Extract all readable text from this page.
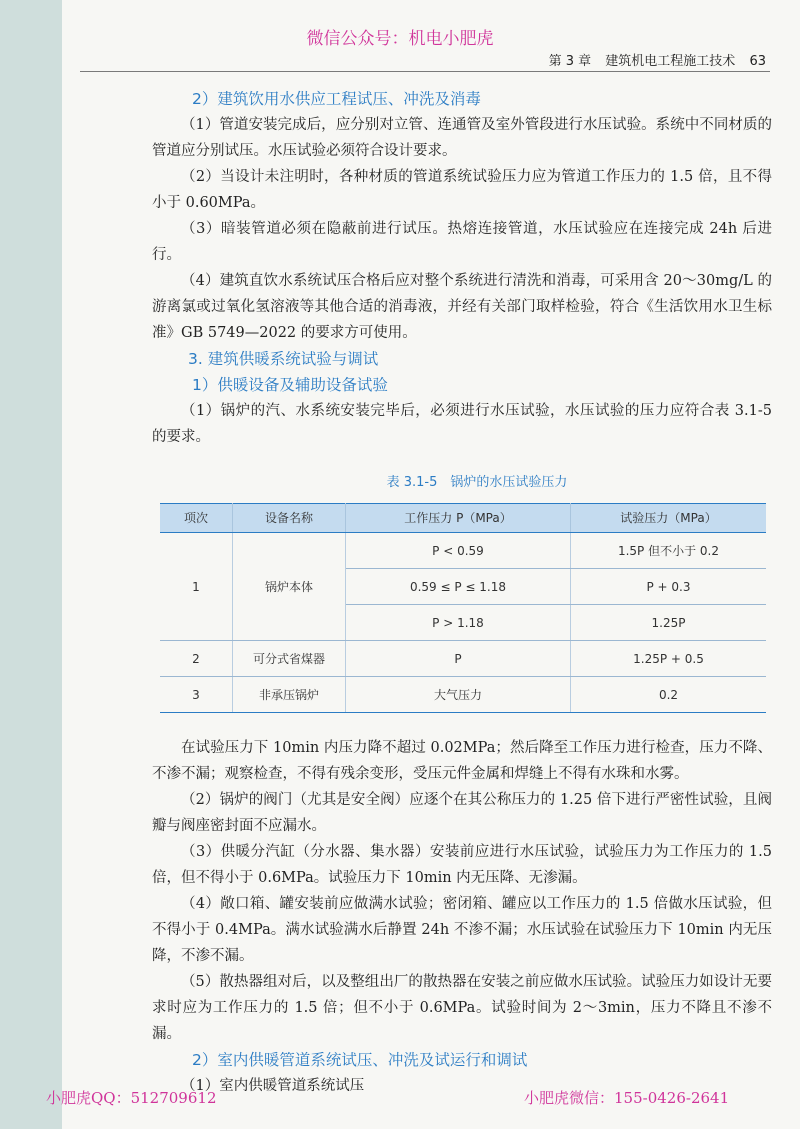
微信公众号：机电小肥虎
第 3 章 建筑机电工程施工技术 63
2）建筑饮用水供应工程试压、冲洗及消毒

（1）管道安装完成后，应分别对立管、连通管及室外管段进行水压试验。系统中不同材质的管道应分别试压。水压试验必须符合设计要求。

（2）当设计未注明时，各种材质的管道系统试验压力应为管道工作压力的 1.5 倍，且不得小于 0.60MPa。

（3）暗装管道必须在隐蔽前进行试压。热熔连接管道，水压试验应在连接完成 24h 后进行。

（4）建筑直饮水系统试压合格后应对整个系统进行清洗和消毒，可采用含 20～30mg/L 的游离氯或过氧化氢溶液等其他合适的消毒液，并经有关部门取样检验，符合《生活饮用水卫生标准》GB 5749—2022 的要求方可使用。

3. 建筑供暖系统试验与调试
1）供暖设备及辅助设备试验

（1）锅炉的汽、水系统安装完毕后，必须进行水压试验，水压试验的压力应符合表 3.1-5 的要求。

表 3.1-5　锅炉的水压试验压力
项次	设备名称	工作压力 P（MPa）	试验压力（MPa）
1	锅炉本体	P < 0.59	1.5P 但不小于 0.2
		0.59 ≤ P ≤ 1.18	P + 0.3
		P > 1.18	1.25P
2	可分式省煤器	P	1.25P + 0.5
3	非承压锅炉	大气压力	0.2

在试验压力下 10min 内压力降不超过 0.02MPa；然后降至工作压力进行检查，压力不降、不渗不漏；观察检查，不得有残余变形，受压元件金属和焊缝上不得有水珠和水雾。

（2）锅炉的阀门（尤其是安全阀）应逐个在其公称压力的 1.25 倍下进行严密性试验，且阀瓣与阀座密封面不应漏水。

（3）供暖分汽缸（分水器、集水器）安装前应进行水压试验，试验压力为工作压力的 1.5 倍，但不得小于 0.6MPa。试验压力下 10min 内无压降、无渗漏。

（4）敞口箱、罐安装前应做满水试验；密闭箱、罐应以工作压力的 1.5 倍做水压试验，但不得小于 0.4MPa。满水试验满水后静置 24h 不渗不漏；水压试验在试验压力下 10min 内无压降，不渗不漏。

（5）散热器组对后，以及整组出厂的散热器在安装之前应做水压试验。试验压力如设计无要求时应为工作压力的 1.5 倍；但不小于 0.6MPa。试验时间为 2～3min，压力不降且不渗不漏。

2）室内供暖管道系统试压、冲洗及试运行和调试

（1）室内供暖管道系统试压

小肥虎QQ：512709612	小肥虎微信：155-0426-2641
